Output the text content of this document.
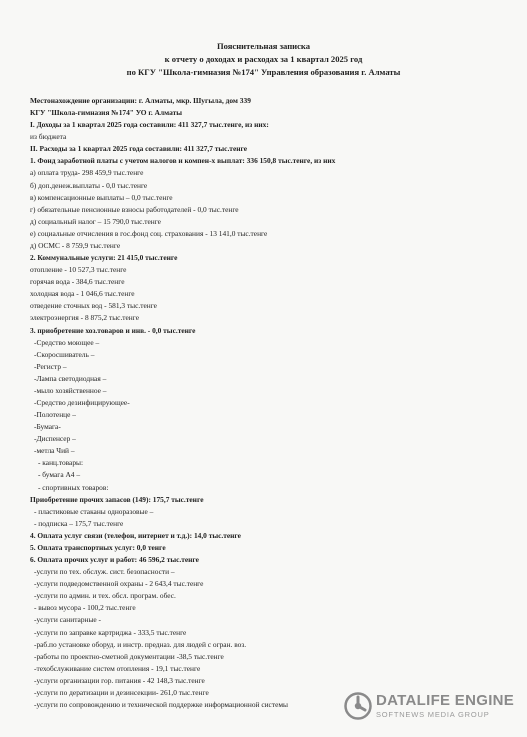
Пояснительная записка
к отчету о доходах и расходах за 1 квартал 2025 год
по КГУ "Школа-гимназия №174" Управления образования г. Алматы
Местонахождение организации: г. Алматы, мкр. Шугыла, дом 339
КГУ "Школа-гимназия №174" УО г. Алматы
I. Доходы за 1 квартал 2025 года составили: 411 327,7 тыс.тенге, из них:
из бюджета
II. Расходы за 1 квартал 2025 года составили: 411 327,7 тыс.тенге
1. Фонд заработной платы с учетом налогов и компен-х выплат: 336 150,8 тыс.тенге, из них
а) оплата труда- 298 459,9 тыс.тенге
б) доп.денеж.выплаты - 0,0 тыс.тенге
в) компенсационные выплаты – 0,0 тыс.тенге
г) обязательные пенсионные взносы работодателей - 0,0 тыс.тенге
д) социальный налог – 15 790,0 тыс.тенге
е) социальные отчисления в гос.фонд соц. страхования - 13 141,0 тыс.тенге
д) ОСМС - 8 759,9 тыс.тенге
2. Коммунальные услуги: 21 415,0 тыс.тенге
отопление - 10 527,3 тыс.тенге
горячая вода - 384,6 тыс.тенге
холодная вода - 1 046,6 тыс.тенге
отведение сточных вод - 581,3 тыс.тенге
электроэнергия - 8 875,2 тыс.тенге
3. приобретение хоз.товаров и инв. - 0,0 тыс.тенге
-Средство моющее –
-Скоросшиватель –
-Регистр –
-Лампа светодиодная –
-мыло хозяйственное –
-Средство дезинфицирующее-
-Полотенце –
-Бумага-
-Диспенсер –
-метла Чий –
- канц.товары:
- бумага А4 –
- спортивных товаров:
Приобретение прочих запасов (149): 175,7 тыс.тенге
- пластиковые стаканы одноразовые –
- подписка – 175,7 тыс.тенге
4. Оплата услуг связи (телефон, интернет и т.д.): 14,0 тыс.тенге
5. Оплата транспортных услуг: 0,0 тенге
6. Оплата прочих услуг и работ: 46 596,2 тыс.тенге
-услуги по тех. обслуж. сист. безопасности –
-услуги подведомственной охраны - 2 643,4 тыс.тенге
-услуги по админ. и тех. обсл. програм. обес.
- вывоз мусора - 100,2 тыс.тенге
-услуги санитарные -
-услуги по заправке картриджа - 333,5 тыс.тенге
-раб.по установке оборуд. и инстр. предназ. для людей с огран. воз.
-работы по проектно-сметной документации -38,5 тыс.тенге
-техобслуживание систем отопления - 19,1 тыс.тенге
-услуги организации гор. питания - 42 148,3 тыс.тенге
-услуги по дератизации и дезинсекции- 261,0 тыс.тенге
-услуги по сопровождению и технической поддержке информационной системы	DATALIFE ENGINE
SOFTNEWS MEDIA GROUP
